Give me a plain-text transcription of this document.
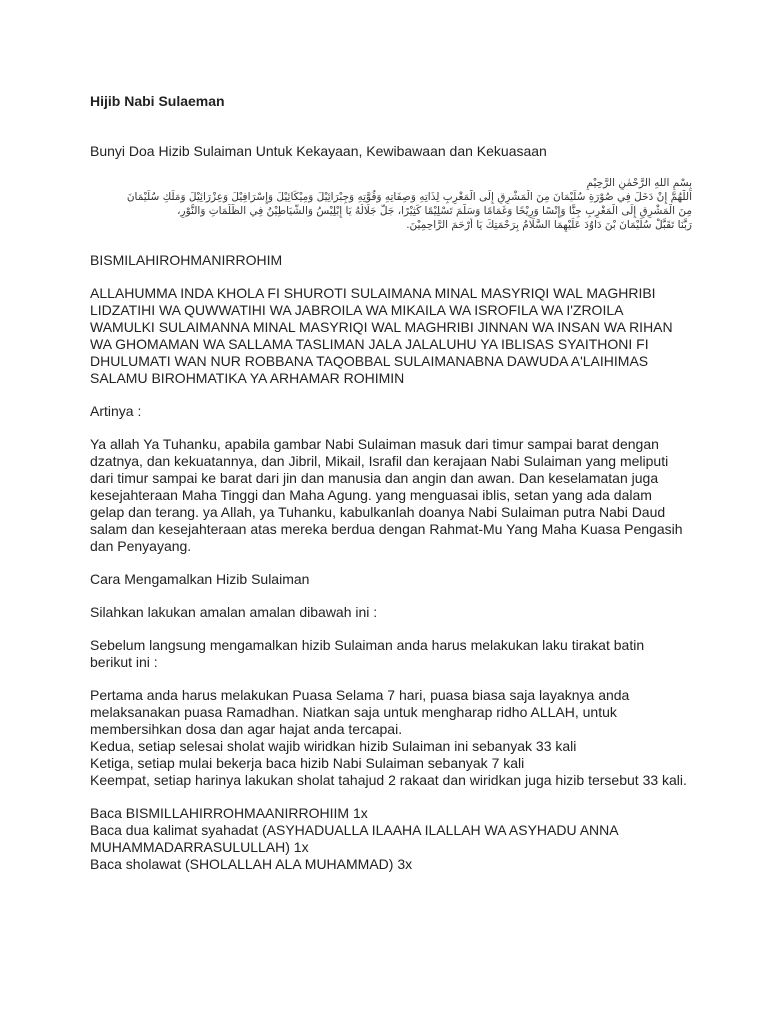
Hijib Nabi Sulaeman
Bunyi Doa Hizib Sulaiman Untuk Kekayaan, Kewibawaan dan Kekuasaan
بِسْمِ اللهِ الرَّحْمٰنِ الرَّحِيْمِ
اَللّٰهُمَّ إِنْ دَخَلَ فِي صُوْرَةِ سُلَيْمَانَ مِنَ الْمَشْرِقِ إِلَى الْمَغْرِبِ لِذَاتِهِ وَصِفَاتِهِ وَقُوَّتِهِ وَجِبْرَائِيْلَ وَمِيْكَائِيْلَ وَإِسْرَافِيْلَ وَعِزْرَائِيْلَ وَمَلَكِ سُلَيْمَانَ
مِنَ الْمَشْرِقِ إِلَى الْمَغْرِبِ جِنًّا وَإِنْسًا وَرِيْحًا وَغَمَامًا وَسَلَّمَ تَسْلِيْمًا كَثِيْرًا، جَلَّ جَلَالُهُ يَا إِبْلِيْسُ وَالشَّيَاطِيْنُ فِي الظُّلُمَاتِ وَالنُّوْرِ،
رَبَّنَا تَقَبَّلْ سُلَيْمَانَ بْنَ دَاوُدَ عَلَيْهِمَا السَّلَامُ بِرَحْمَتِكَ يَا أَرْحَمَ الرَّاحِمِيْنَ.

BISMILAHIROHMANIRROHIM

ALLAHUMMA INDA KHOLA FI SHUROTI SULAIMANA MINAL MASYRIQI WAL MAGHRIBI LIDZATIHI WA QUWWATIHI WA JABROILA WA MIKAILA WA ISROFILA WA I'ZROILA WAMULKI SULAIMANNA MINAL MASYRIQI WAL MAGHRIBI JINNAN WA INSAN WA RIHAN WA GHOMAMAN WA SALLAMA TASLIMAN JALA JALALUHU YA IBLISAS SYAITHONI FI DHULUMATI WAN NUR ROBBANA TAQOBBAL SULAIMANABNA DAWUDA A'LAIHIMAS SALAMU BIROHMATIKA YA ARHAMAR ROHIMIN

Artinya :

Ya allah Ya Tuhanku, apabila gambar Nabi Sulaiman masuk dari timur sampai barat dengan dzatnya, dan kekuatannya, dan Jibril, Mikail, Israfil dan kerajaan Nabi Sulaiman yang meliputi dari timur sampai ke barat dari jin dan manusia dan angin dan awan. Dan keselamatan juga kesejahteraan Maha Tinggi dan Maha Agung. yang menguasai iblis, setan yang ada dalam gelap dan terang. ya Allah, ya Tuhanku, kabulkanlah doanya Nabi Sulaiman putra Nabi Daud salam dan kesejahteraan atas mereka berdua dengan Rahmat-Mu Yang Maha Kuasa Pengasih dan Penyayang.

Cara Mengamalkan Hizib Sulaiman

Silahkan lakukan amalan amalan dibawah ini :

Sebelum langsung mengamalkan hizib Sulaiman anda harus melakukan laku tirakat batin berikut ini :

Pertama anda harus melakukan Puasa Selama 7 hari, puasa biasa saja layaknya anda melaksanakan puasa Ramadhan. Niatkan saja untuk mengharap ridho ALLAH, untuk membersihkan dosa dan agar hajat anda tercapai.
Kedua, setiap selesai sholat wajib wiridkan hizib Sulaiman ini sebanyak 33 kali
Ketiga, setiap mulai bekerja baca hizib Nabi Sulaiman sebanyak 7 kali
Keempat, setiap harinya lakukan sholat tahajud 2 rakaat dan wiridkan juga hizib tersebut 33 kali.
Baca BISMILLAHIRROHMAANIRROHIIM 1x
Baca dua kalimat syahadat (ASYHADUALLA ILAAHA ILALLAH WA ASYHADU ANNA MUHAMMADARRASULULLAH) 1x
Baca sholawat (SHOLALLAH ALA MUHAMMAD) 3x
